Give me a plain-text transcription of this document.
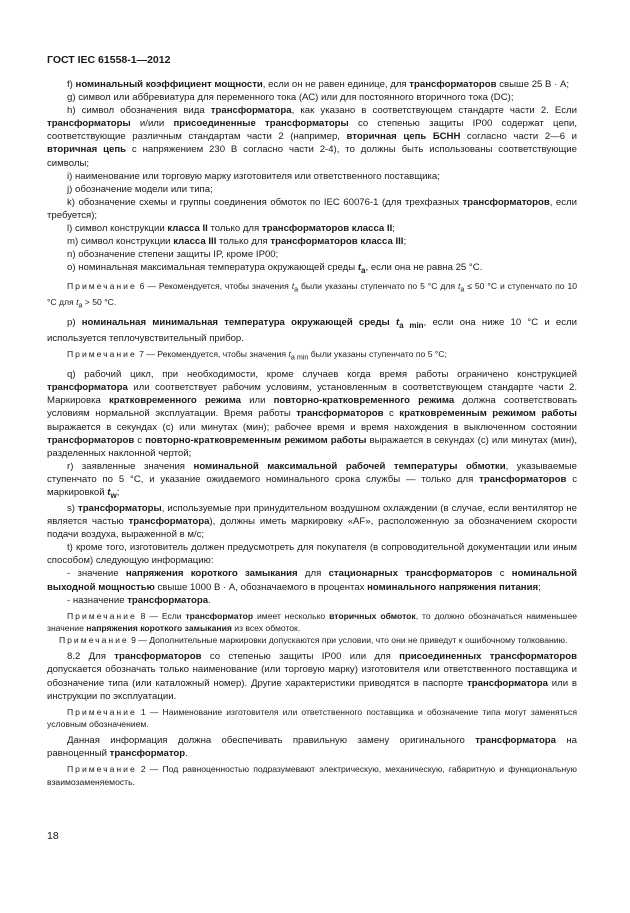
ГОСТ IEC 61558-1—2012

f) номинальный коэффициент мощности, если он не равен единице, для трансформаторов свыше 25 В · А;

g) символ или аббревиатура для переменного тока (АС) или для постоянного вторичного тока (DC);

h) символ обозначения вида трансформатора, как указано в соответствующем стандарте части 2. Если трансформаторы и/или присоединенные трансформаторы со степенью защиты IP00 содержат цепи, соответствующие различным стандартам части 2 (например, вторичная цепь БСНН согласно части 2—6 и вторичная цепь с напряжением 230 В согласно части 2-4), то должны быть использованы соответствующие символы;

i) наименование или торговую марку изготовителя или ответственного поставщика;

j) обозначение модели или типа;

k) обозначение схемы и группы соединения обмоток по IEC 60076-1 (для трехфазных трансформаторов, если требуется);

l) символ конструкции класса II только для трансформаторов класса II;

m) символ конструкции класса III только для трансформаторов класса III;

n) обозначение степени защиты IP, кроме IP00;

o) номинальная максимальная температура окружающей среды $t_a$, если она не равна 25 °С.

Примечание 6 — Рекомендуется, чтобы значения $t_a$ были указаны ступенчато по 5 °С для $t_a \le 50$ °С и ступенчато по 10 °С для $t_a > 50$ °С.

p) номинальная минимальная температура окружающей среды $t_{a min}$, если она ниже 10 °С и если используется теплочувствительный прибор.

Примечание 7 — Рекомендуется, чтобы значения $t_{a min}$ были указаны ступенчато по 5 °С;

q) рабочий цикл, при необходимости, кроме случаев когда время работы ограничено конструкцией трансформатора или соответствует рабочим условиям, установленным в соответствующем стандарте части 2. Маркировка кратковременного режима или повторно-кратковременного режима должна соответствовать условиям нормальной эксплуатации. Время работы трансформаторов с кратковременным режимом работы выражается в секундах (с) или минутах (мин); рабочее время и время нахождения в выключенном состоянии трансформаторов с повторно-кратковременным режимом работы выражается в секундах (с) или минутах (мин), разделенных наклонной чертой;

r) заявленные значения номинальной максимальной рабочей температуры обмотки, указываемые ступенчато по 5 °С, и указание ожидаемого номинального срока службы — только для трансформаторов с маркировкой $t_w$;

s) трансформаторы, используемые при принудительном воздушном охлаждении (в случае, если вентилятор не является частью трансформатора), должны иметь маркировку «AF», расположенную за обозначением скорости подачи воздуха, выраженной в м/с;

t) кроме того, изготовитель должен предусмотреть для покупателя (в сопроводительной документации или иным способом) следующую информацию:

- значение напряжения короткого замыкания для стационарных трансформаторов с номинальной выходной мощностью свыше 1000 В · А, обозначаемого в процентах номинального напряжения питания;

- назначение трансформатора.

Примечание 8 — Если трансформатор имеет несколько вторичных обмоток, то должно обозначаться наименьшее значение напряжения короткого замыкания из всех обмоток.
Примечание 9 — Дополнительные маркировки допускаются при условии, что они не приведут к ошибочному толкованию.

8.2 Для трансформаторов со степенью защиты IP00 или для присоединенных трансформаторов допускается обозначать только наименование (или торговую марку) изготовителя или ответственного поставщика и обозначение типа (или каталожный номер). Другие характеристики приводятся в паспорте трансформатора или в инструкции по эксплуатации.

Примечание 1 — Наименование изготовителя или ответственного поставщика и обозначение типа могут заменяться условным обозначением.

Данная информация должна обеспечивать правильную замену оригинального трансформатора на равноценный трансформатор.

Примечание 2 — Под равноценностью подразумевают электрическую, механическую, габаритную и функциональную взаимозаменяемость.

18
